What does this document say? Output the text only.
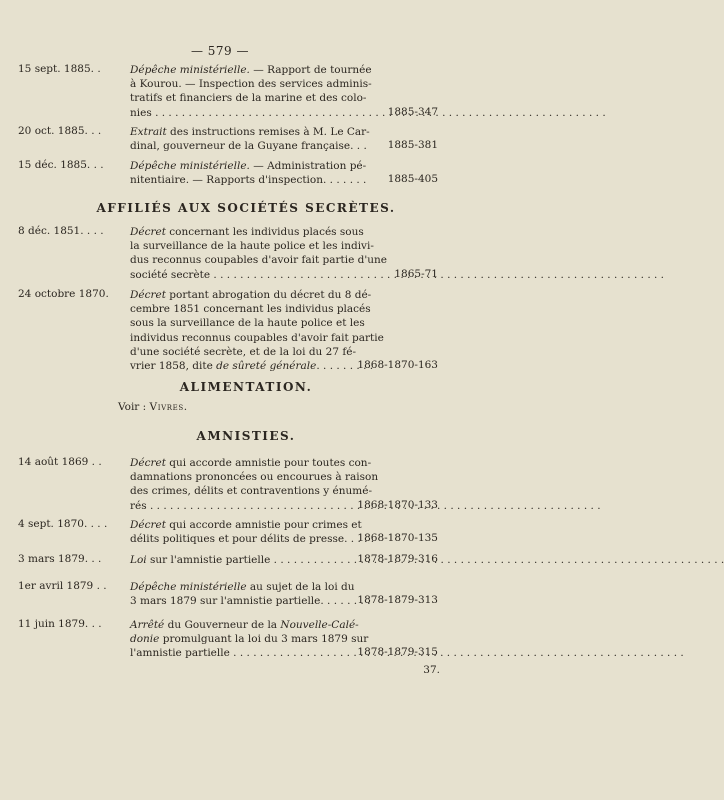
— 579 —
15 sept. 1885. .	Dépêche ministérielle. — Rapport de tournée
à Kourou. — Inspection des services adminis-
tratifs et financiers de la marine et des colo-
nies . . .	1885-347
20 oct. 1885. . .	Extrait des instructions remises à M. Le Car-
dinal, gouverneur de la Guyane française. . . 1885-381
15 déc. 1885. . .	Dépêche ministérielle. — Administration pé-
nitentiaire. — Rapports d'inspection. . . . . . . 1885-405
AFFILIÉS AUX SOCIÉTÉS SECRÈTES.
8 déc. 1851. . . .	Décret concernant les individus placés sous
la surveillance de la haute police et les indivi-
dus reconnus coupables d'avoir fait partie d'une
société secrète . . .	1865-71
24 octobre 1870. Décret portant abrogation du décret du 8 dé-
cembre 1851 concernant les individus placés
sous la surveillance de la haute police et les
individus reconnus coupables d'avoir fait partie
d'une société secrète, et de la loi du 27 fé-
vrier 1858, dite de sûreté générale. . . . . . . . .
1868-1870-163
ALIMENTATION.
Voir : Vivres.
AMNISTIES.
14 août 1869 . .	Décret qui accorde amnistie pour toutes con-
damnations prononcées ou encourues à raison
des crimes, délits et contraventions y énumé-
rés . . .	1868-1870-133
4 sept. 1870. . . . Décret qui accorde amnistie pour crimes et
délits politiques et pour délits de presse. . . . .
1868-1870-135
3 mars 1879. . .	Loi sur l'amnistie partielle . . .	1878-1879-316
1er avril 1879 . . Dépêche ministérielle au sujet de la loi du
3 mars 1879 sur l'amnistie partielle. . . . . . . .
1878-1879-313
11 juin 1879. . .	Arrêté du Gouverneur de la Nouvelle-Calé-
donie promulguant la loi du 3 mars 1879 sur
l'amnistie partielle . . .	1878-1879-315
37.
